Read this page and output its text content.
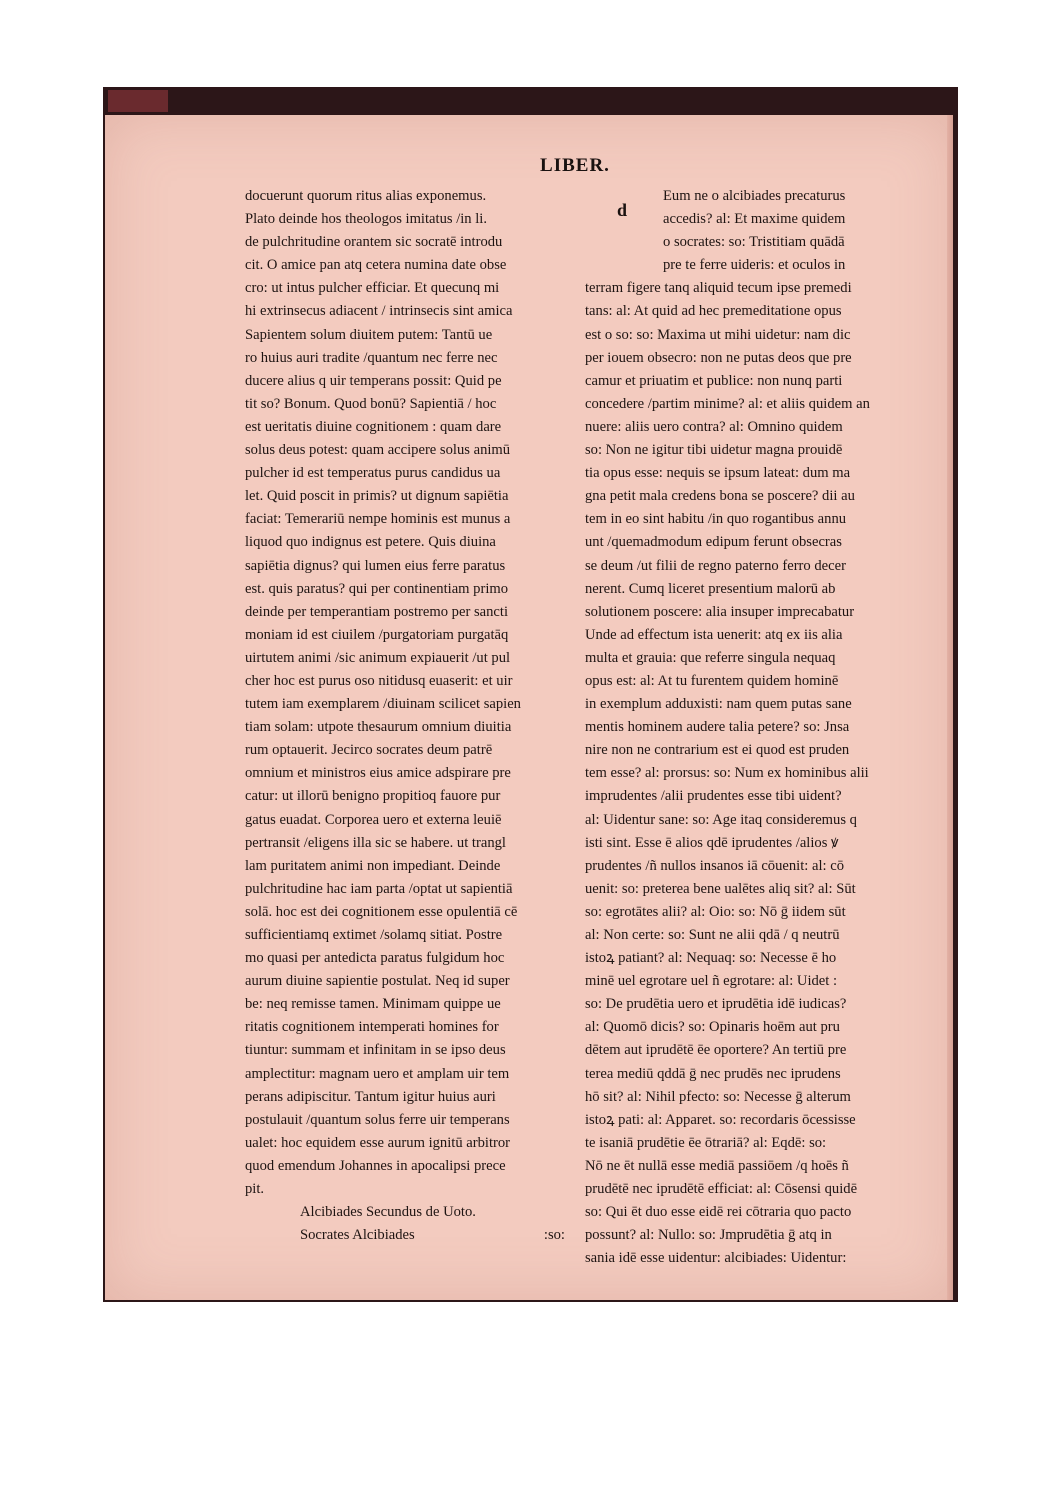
LIBER.
docuerunt quorum ritus alias exponemus.
Plato deinde hos theologos imitatus /in li.
de pulchritudine orantem sic socratē introdu
cit. O amice pan atq cetera numina date obse
cro: ut intus pulcher efficiar. Et quecunq mi
hi extrinsecus adiacent / intrinsecis sint amica
Sapientem solum diuitem putem: Tantū ue
ro huius auri tradite /quantum nec ferre nec
ducere alius q uir temperans possit: Quid pe
tit so? Bonum. Quod bonū? Sapientiā / hoc
est ueritatis diuine cognitionem : quam dare
solus deus potest: quam accipere solus animū
pulcher id est temperatus purus candidus ua
let. Quid poscit in primis? ut dignum sapiētia
faciat: Temerariū nempe hominis est munus a
liquod quo indignus est petere. Quis diuina
sapiētia dignus? qui lumen eius ferre paratus
est. quis paratus? qui per continentiam primo
deinde per temperantiam postremo per sancti
moniam id est ciuilem /purgatoriam purgatāq
uirtutem animi /sic animum expiauerit /ut pul
cher hoc est purus oso nitidusq euaserit: et uir
tutem iam exemplarem /diuinam scilicet sapien
tiam solam: utpote thesaurum omnium diuitia
rum optauerit. Jecirco socrates deum patrē
omnium et ministros eius amice adspirare pre
catur: ut illorū benigno propitioq fauore pur
gatus euadat. Corporea uero et externa leuiē
pertransit /eligens illa sic se habere. ut trangl
lam puritatem animi non impediant. Deinde
pulchritudine hac iam parta /optat ut sapientiā
solā. hoc est dei cognitionem esse opulentiā cē
sufficientiamq extimet /solamq sitiat. Postre
mo quasi per antedicta paratus fulgidum hoc
aurum diuine sapientie postulat. Neq id super
be: neq remisse tamen. Minimam quippe ue
ritatis cognitionem intemperati homines for
tiuntur: summam et infinitam in se ipso deus
amplectitur: magnam uero et amplam uir tem
perans adipiscitur. Tantum igitur huius auri
postulauit /quantum solus ferre uir temperans
ualet: hoc equidem esse aurum ignitū arbitror
quod emendum Johannes in apocalipsi prece
pit.
Alcibiades Secundus de Uoto.
Socrates Alcibiades	:so:
d
Eum ne o alcibiades precaturus
accedis? al: Et maxime quidem
o socrates: so: Tristitiam quādā
pre te ferre uideris: et oculos in
terram figere tanq aliquid tecum ipse premedi
tans: al: At quid ad hec premeditatione opus
est o so: so: Maxima ut mihi uidetur: nam dic
per iouem obsecro: non ne putas deos que pre
camur et priuatim et publice: non nunq parti
concedere /partim minime? al: et aliis quidem an
nuere: aliis uero contra? al: Omnino quidem
so: Non ne igitur tibi uidetur magna prouidē
tia opus esse: nequis se ipsum lateat: dum ma
gna petit mala credens bona se poscere? dii au
tem in eo sint habitu /in quo rogantibus annu
unt /quemadmodum edipum ferunt obsecras
se deum /ut filii de regno paterno ferro decer
nerent. Cumq liceret presentium malorū ab
solutionem poscere: alia insuper imprecabatur
Unde ad effectum ista uenerit: atq ex iis alia
multa et grauia: que referre singula nequaq
opus est: al: At tu furentem quidem hominē
in exemplum adduxisti: nam quem putas sane
mentis hominem audere talia petere? so: Jnsa
nire non ne contrarium est ei quod est pruden
tem esse? al: prorsus: so: Num ex hominibus alii
imprudentes /alii prudentes esse tibi uident?
al: Uidentur sane: so: Age itaq consideremus q
isti sint. Esse ē alios qdē iprudentes /alios ꝟ
prudentes /ñ nullos insanos iā cōuenit: al: cō
uenit: so: preterea bene ualētes aliq sit? al: Sūt
so: egrotātes alii? al: Oio: so: Nō ḡ iidem sūt
al: Non certe: so: Sunt ne alii qdā / q neutrū
istoꝝ patiant? al: Nequaq: so: Necesse ē ho
minē uel egrotare uel ñ egrotare: al: Uidet :
so: De prudētia uero et iprudētia idē iudicas?
al: Quomō dicis? so: Opinaris hoēm aut pru
dētem aut iprudētē ēe oportere? An tertiū pre
terea mediū qddā ḡ nec prudēs nec iprudens
hō sit? al: Nihil pfecto: so: Necesse ḡ alterum
istoꝝ pati: al: Apparet. so: recordaris ōcessisse
te isaniā prudētie ēe ōtrariā? al: Eqdē: so:
Nō ne ēt nullā esse mediā passiōem /q hoēs ñ
prudētē nec iprudētē efficiat: al: Cōsensi quidē
so: Qui ēt duo esse eidē rei cōtraria quo pacto
possunt? al: Nullo: so: Jmprudētia ḡ atq in
sania idē esse uidentur: alcibiades: Uidentur:
